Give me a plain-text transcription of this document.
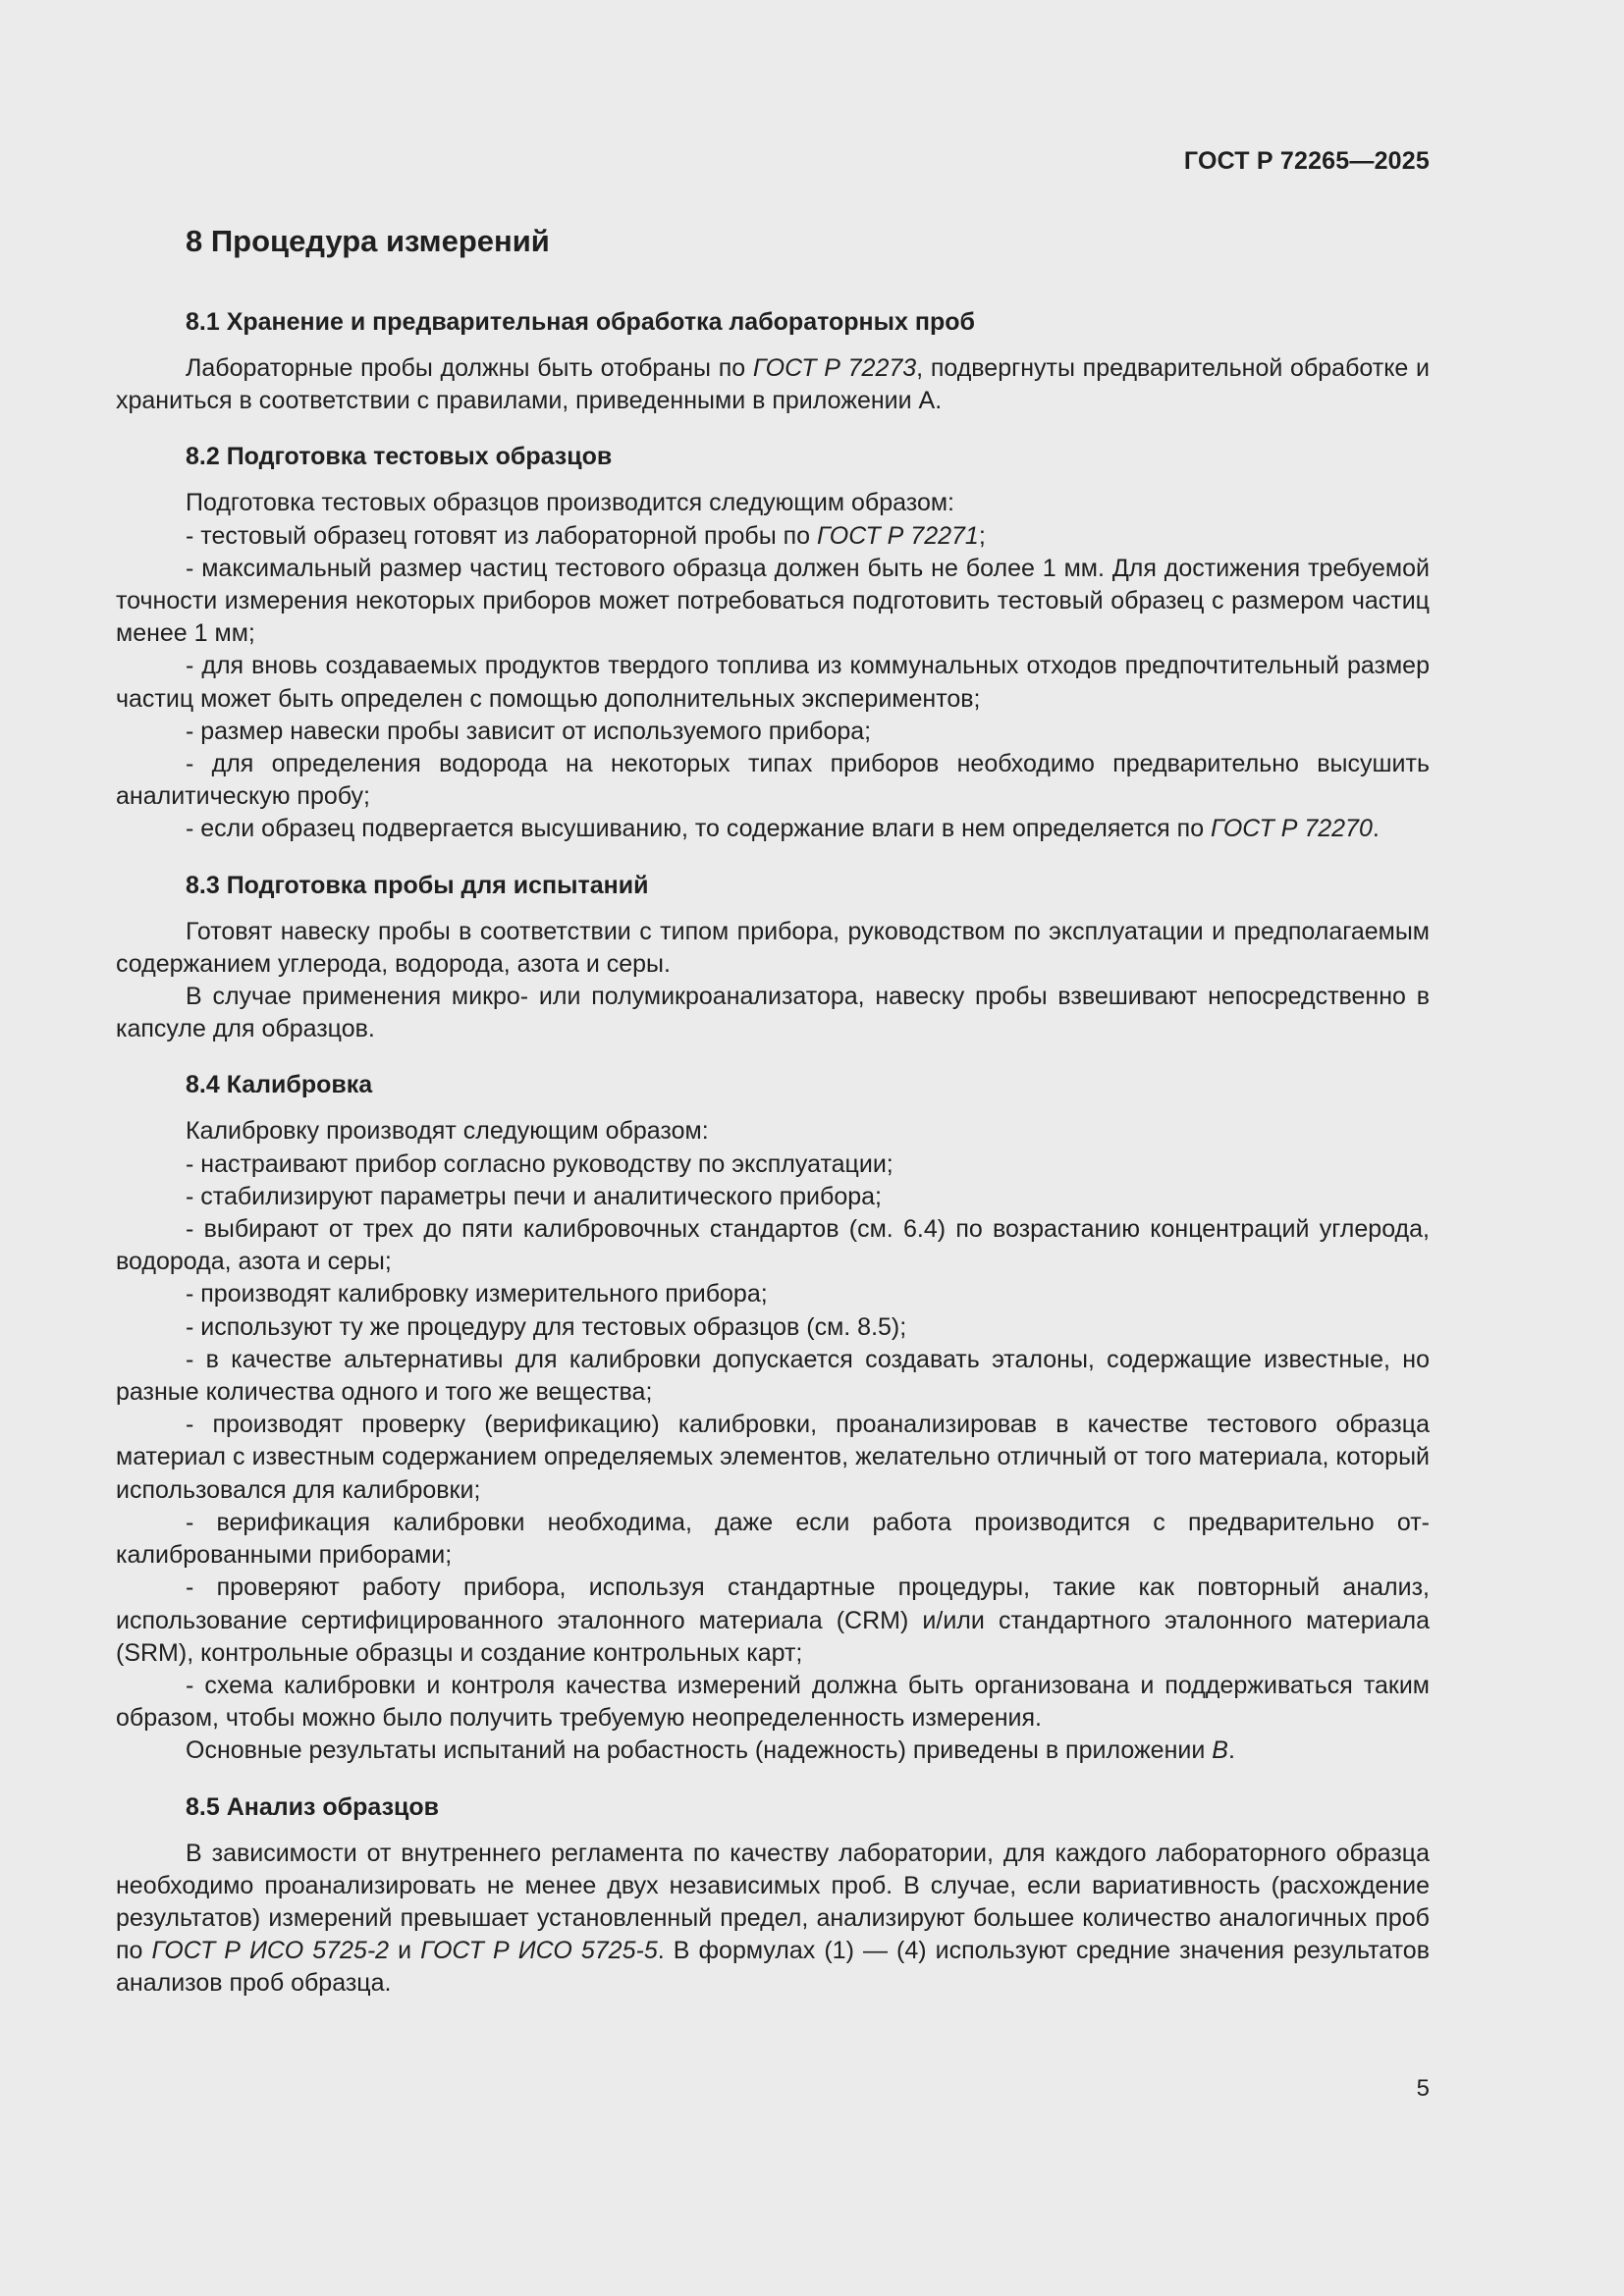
ГОСТ Р 72265—2025
8 Процедура измерений
8.1 Хранение и предварительная обработка лабораторных проб

Лабораторные пробы должны быть отобраны по ГОСТ Р 72273, подвергнуты предварительной обработке и храниться в соответствии с правилами, приведенными в приложении А.

8.2 Подготовка тестовых образцов

Подготовка тестовых образцов производится следующим образом:

- тестовый образец готовят из лабораторной пробы по ГОСТ Р 72271;

- максимальный размер частиц тестового образца должен быть не более 1 мм. Для достижения требуемой точности измерения некоторых приборов может потребоваться подготовить тестовый образец с размером частиц менее 1 мм;

- для вновь создаваемых продуктов твердого топлива из коммунальных отходов предпочтительный размер частиц может быть определен с помощью дополнительных экспериментов;

- размер навески пробы зависит от используемого прибора;

- для определения водорода на некоторых типах приборов необходимо предварительно высушить аналитическую пробу;

- если образец подвергается высушиванию, то содержание влаги в нем определяется по ГОСТ Р 72270.

8.3 Подготовка пробы для испытаний

Готовят навеску пробы в соответствии с типом прибора, руководством по эксплуатации и предполагаемым содержанием углерода, водорода, азота и серы.

В случае применения микро- или полумикроанализатора, навеску пробы взвешивают непосредственно в капсуле для образцов.

8.4 Калибровка

Калибровку производят следующим образом:

- настраивают прибор согласно руководству по эксплуатации;

- стабилизируют параметры печи и аналитического прибора;

- выбирают от трех до пяти калибровочных стандартов (см. 6.4) по возрастанию концентраций углерода, водорода, азота и серы;

- производят калибровку измерительного прибора;

- используют ту же процедуру для тестовых образцов (см. 8.5);

- в качестве альтернативы для калибровки допускается создавать эталоны, содержащие известные, но разные количества одного и того же вещества;

- производят проверку (верификацию) калибровки, проанализировав в качестве тестового образца материал с известным содержанием определяемых элементов, желательно отличный от того материала, который использовался для калибровки;

- верификация калибровки необходима, даже если работа производится с предварительно откалиброванными приборами;

- проверяют работу прибора, используя стандартные процедуры, такие как повторный анализ, использование сертифицированного эталонного материала (CRM) и/или стандартного эталонного материала (SRM), контрольные образцы и создание контрольных карт;

- схема калибровки и контроля качества измерений должна быть организована и поддерживаться таким образом, чтобы можно было получить требуемую неопределенность измерения.

Основные результаты испытаний на робастность (надежность) приведены в приложении В.

8.5 Анализ образцов

В зависимости от внутреннего регламента по качеству лаборатории, для каждого лабораторного образца необходимо проанализировать не менее двух независимых проб. В случае, если вариативность (расхождение результатов) измерений превышает установленный предел, анализируют большее количество аналогичных проб по ГОСТ Р ИСО 5725-2 и ГОСТ Р ИСО 5725-5. В формулах (1) — (4) используют средние значения результатов анализов проб образца.

5
